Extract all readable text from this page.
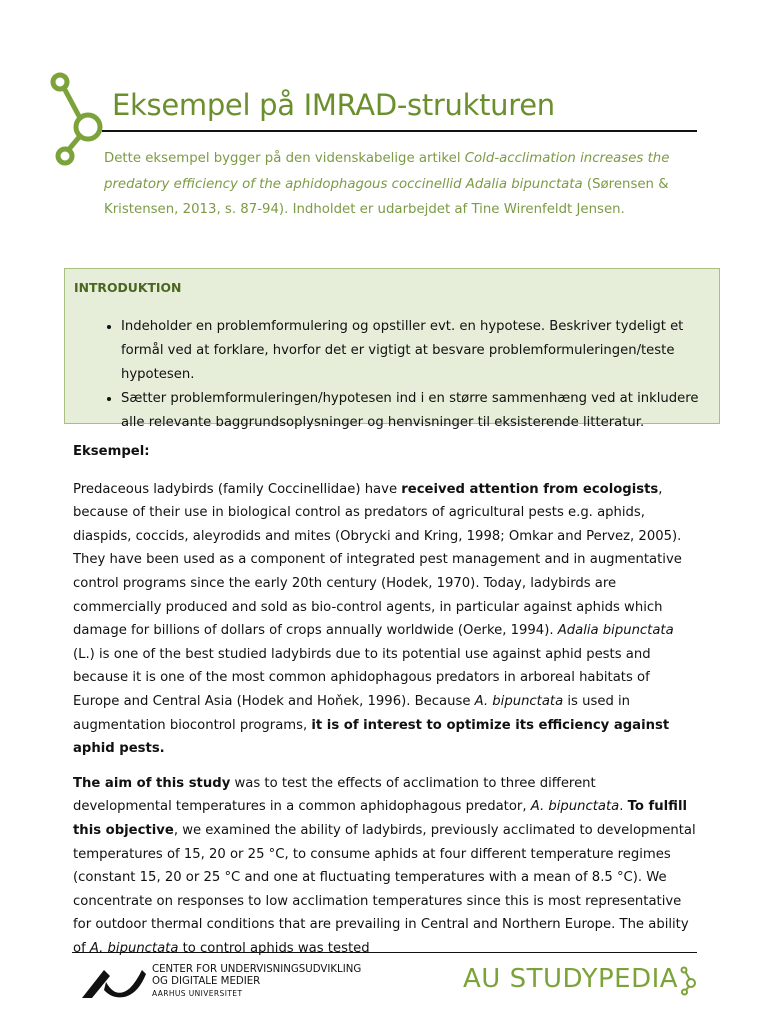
Eksempel på IMRAD-strukturen
Dette eksempel bygger på den videnskabelige artikel Cold-acclimation increases the predatory efficiency of the aphidophagous coccinellid Adalia bipunctata (Sørensen & Kristensen, 2013, s. 87-94). Indholdet er udarbejdet af Tine Wirenfeldt Jensen.
INTRODUKTION
• Indeholder en problemformulering og opstiller evt. en hypotese. Beskriver tydeligt et formål ved at forklare, hvorfor det er vigtigt at besvare problemformuleringen/teste hypotesen.
• Sætter problemformuleringen/hypotesen ind i en større sammenhæng ved at inkludere alle relevante baggrundsoplysninger og henvisninger til eksisterende litteratur.

Eksempel:

Predaceous ladybirds (family Coccinellidae) have received attention from ecologists, because of their use in biological control as predators of agricultural pests e.g. aphids, diaspids, coccids, aleyrodids and mites (Obrycki and Kring, 1998; Omkar and Pervez, 2005). They have been used as a component of integrated pest management and in augmentative control programs since the early 20th century (Hodek, 1970). Today, ladybirds are commercially produced and sold as bio-control agents, in particular against aphids which damage for billions of dollars of crops annually worldwide (Oerke, 1994). Adalia bipunctata (L.) is one of the best studied ladybirds due to its potential use against aphid pests and because it is one of the most common aphidophagous predators in arboreal habitats of Europe and Central Asia (Hodek and Hoňek, 1996). Because A. bipunctata is used in augmentation biocontrol programs, it is of interest to optimize its efficiency against aphid pests.

The aim of this study was to test the effects of acclimation to three different developmental temperatures in a common aphidophagous predator, A. bipunctata. To fulfill this objective, we examined the ability of ladybirds, previously acclimated to developmental temperatures of 15, 20 or 25 °C, to consume aphids at four different temperature regimes (constant 15, 20 or 25 °C and one at fluctuating temperatures with a mean of 8.5 °C). We concentrate on responses to low acclimation temperatures since this is most representative for outdoor thermal conditions that are prevailing in Central and Northern Europe. The ability of A. bipunctata to control aphids was tested

CENTER FOR UNDERVISNINGSUDVIKLING
OG DIGITALE MEDIER
AARHUS UNIVERSITET	AU STUDYPEDIA
